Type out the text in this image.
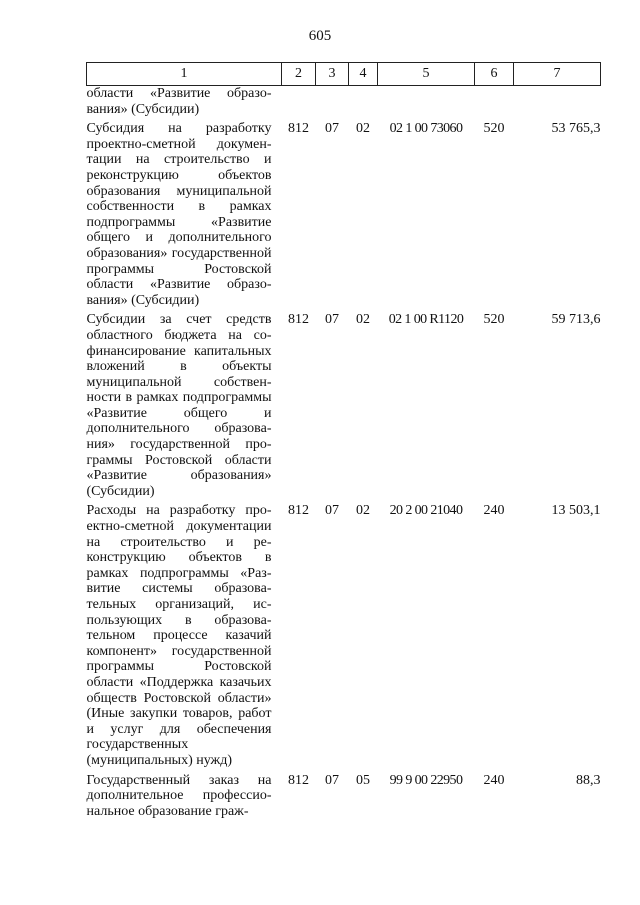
605
1	2	3	4	5	6	7
области «Развитие образования» (Субсидии)						

Субсидия на разработку проектно-сметной документации на строительство и реконструкцию объектов образования муниципальной собственности в рамках подпрограммы «Развитие общего и дополнительного образования» государственной программы Ростовской области «Развитие образования» (Субсидии)	812	07	02	02 1 00 73060	520	53 765,3

Субсидии за счет средств областного бюджета на софинансирование капитальных вложений в объекты муниципальной собственности в рамках подпрограммы «Развитие общего и дополнительного образования» государственной программы Ростовской области «Развитие образования» (Субсидии)	812	07	02	02 1 00 R1120	520	59 713,6

Расходы на разработку проектно-сметной документации на строительство и реконструкцию объектов в рамках подпрограммы «Развитие системы образовательных организаций, использующих в образовательном процессе казачий компонент» государственной программы Ростовской области «Поддержка казачьих обществ Ростовской области» (Иные закупки товаров, работ и услуг для обеспечения государственных (муниципальных) нужд)	812	07	02	20 2 00 21040	240	13 503,1

Государственный заказ на дополнительное профессиональное образование граж-	812	07	05	99 9 00 22950	240	88,3
